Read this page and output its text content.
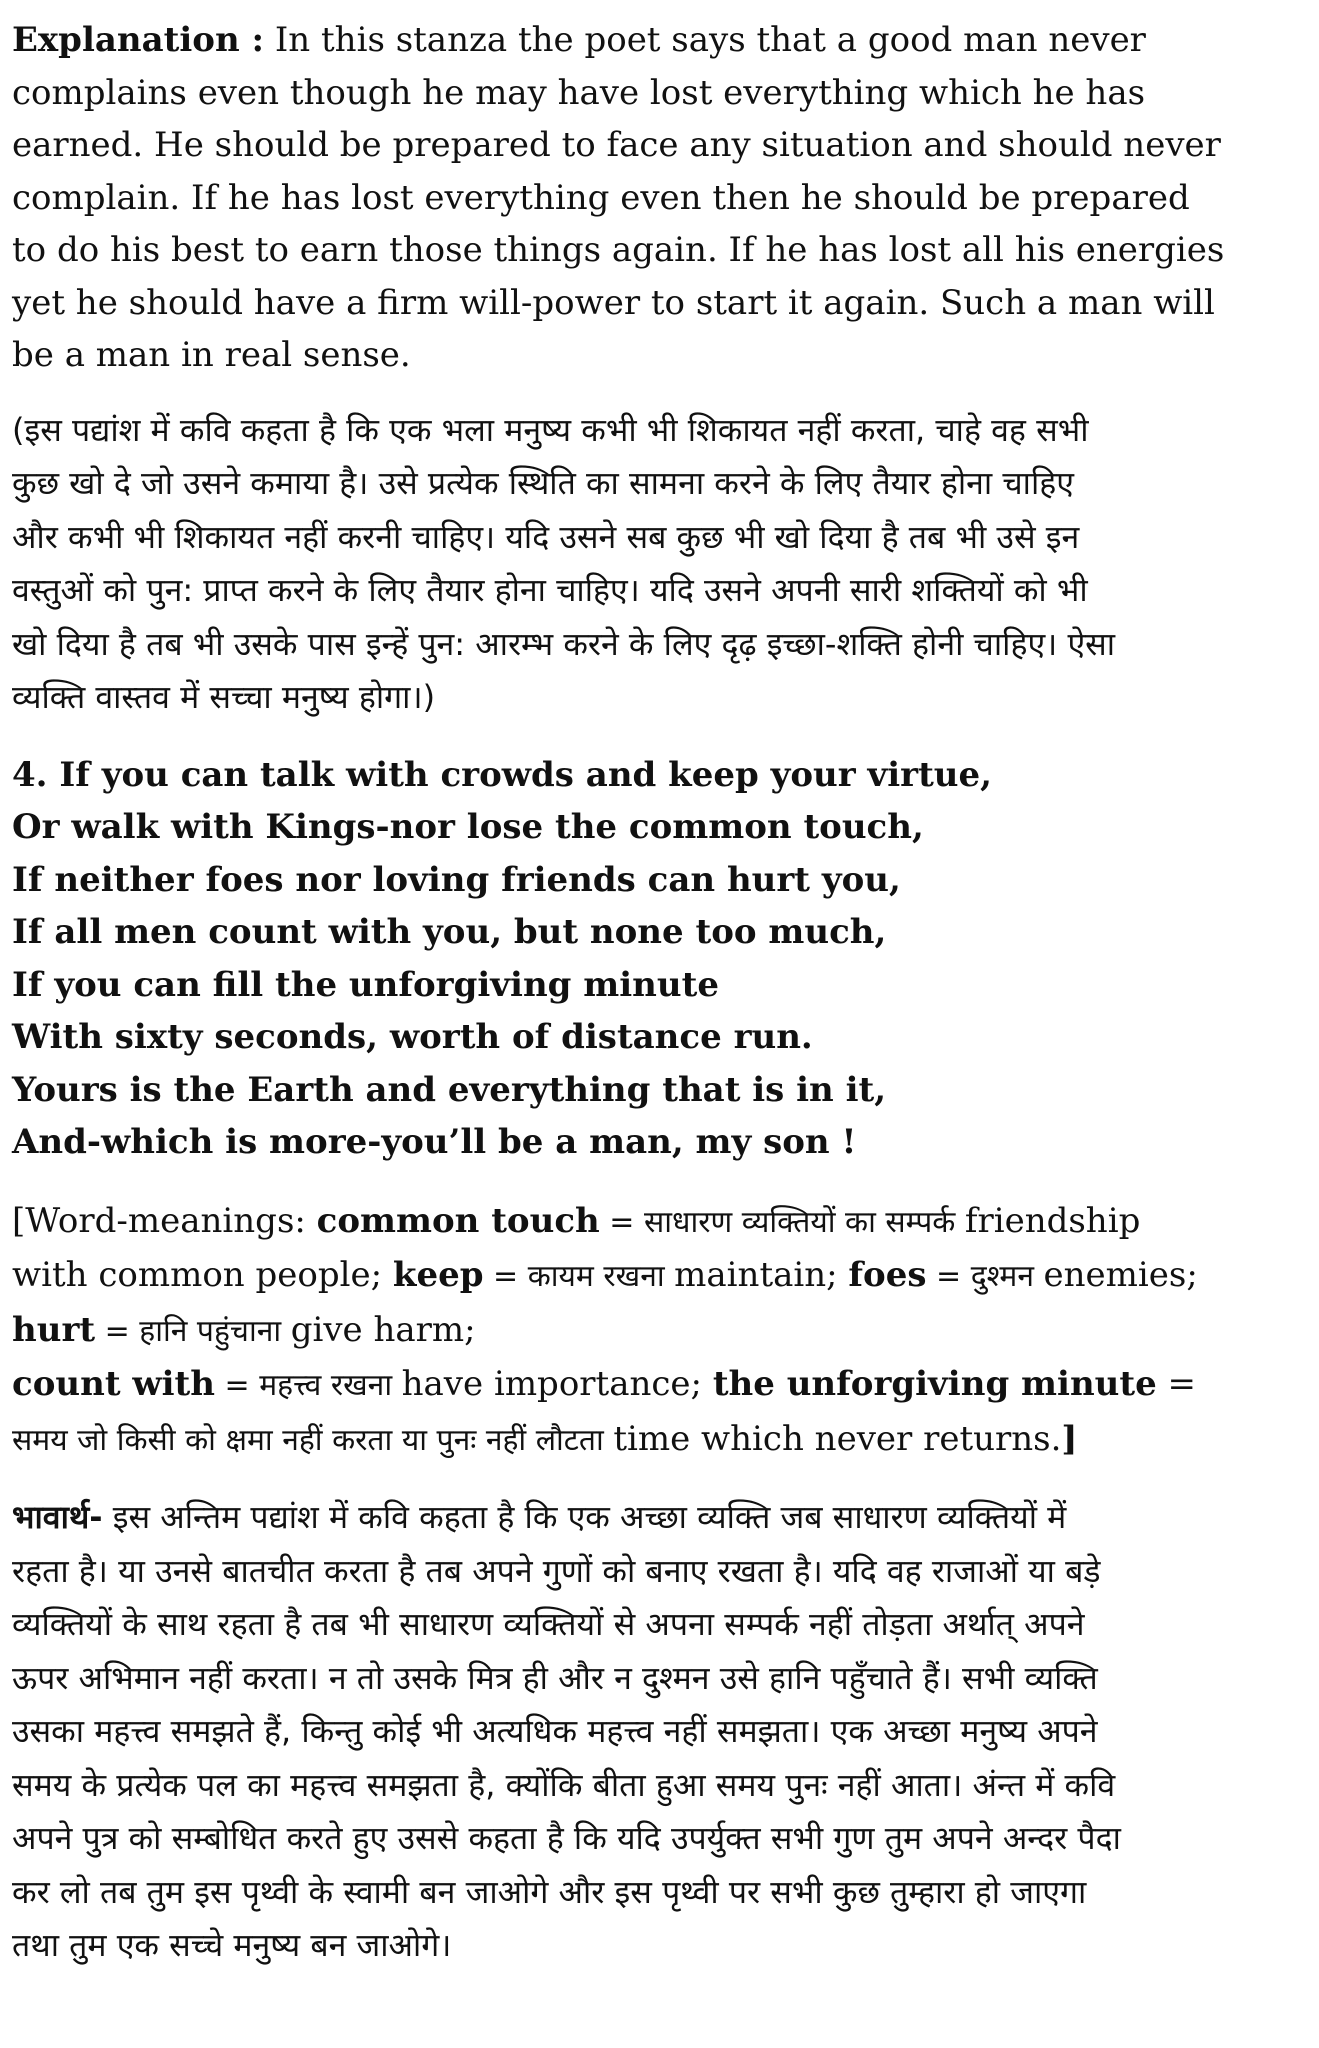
Explanation : In this stanza the poet says that a good man never
complains even though he may have lost everything which he has
earned. He should be prepared to face any situation and should never
complain. If he has lost everything even then he should be prepared
to do his best to earn those things again. If he has lost all his energies
yet he should have a firm will-power to start it again. Such a man will
be a man in real sense.
(इस पद्यांश में कवि कहता है कि एक भला मनुष्य कभी भी शिकायत नहीं करता, चाहे वह सभी
कुछ खो दे जो उसने कमाया है। उसे प्रत्येक स्थिति का सामना करने के लिए तैयार होना चाहिए
और कभी भी शिकायत नहीं करनी चाहिए। यदि उसने सब कुछ भी खो दिया है तब भी उसे इन
वस्तुओं को पुन: प्राप्त करने के लिए तैयार होना चाहिए। यदि उसने अपनी सारी शक्तियों को भी
खो दिया है तब भी उसके पास इन्हें पुन: आरम्भ करने के लिए दृढ़ इच्छा-शक्ति होनी चाहिए। ऐसा
व्यक्ति वास्तव में सच्चा मनुष्य होगा।)
4. If you can talk with crowds and keep your virtue,
Or walk with Kings-nor lose the common touch,
If neither foes nor loving friends can hurt you,
If all men count with you, but none too much,
If you can fill the unforgiving minute
With sixty seconds, worth of distance run.
Yours is the Earth and everything that is in it,
And-which is more-you’ll be a man, my son !
[Word-meanings: common touch = साधारण व्यक्तियों का सम्पर्क friendship
with common people; keep = कायम रखना maintain; foes = दुश्मन enemies;
hurt = हानि पहुंचाना give harm;
count with = महत्त्व रखना have importance; the unforgiving minute =
समय जो किसी को क्षमा नहीं करता या पुनः नहीं लौटता time which never returns.]
भावार्थ- इस अन्तिम पद्यांश में कवि कहता है कि एक अच्छा व्यक्ति जब साधारण व्यक्तियों में
रहता है। या उनसे बातचीत करता है तब अपने गुणों को बनाए रखता है। यदि वह राजाओं या बड़े
व्यक्तियों के साथ रहता है तब भी साधारण व्यक्तियों से अपना सम्पर्क नहीं तोड़ता अर्थात् अपने
ऊपर अभिमान नहीं करता। न तो उसके मित्र ही और न दुश्मन उसे हानि पहुँचाते हैं। सभी व्यक्ति
उसका महत्त्व समझते हैं, किन्तु कोई भी अत्यधिक महत्त्व नहीं समझता। एक अच्छा मनुष्य अपने
समय के प्रत्येक पल का महत्त्व समझता है, क्योंकि बीता हुआ समय पुनः नहीं आता। अंन्त में कवि
अपने पुत्र को सम्बोधित करते हुए उससे कहता है कि यदि उपर्युक्त सभी गुण तुम अपने अन्दर पैदा
कर लो तब तुम इस पृथ्वी के स्वामी बन जाओगे और इस पृथ्वी पर सभी कुछ तुम्हारा हो जाएगा
तथा तुम एक सच्चे मनुष्य बन जाओगे।
